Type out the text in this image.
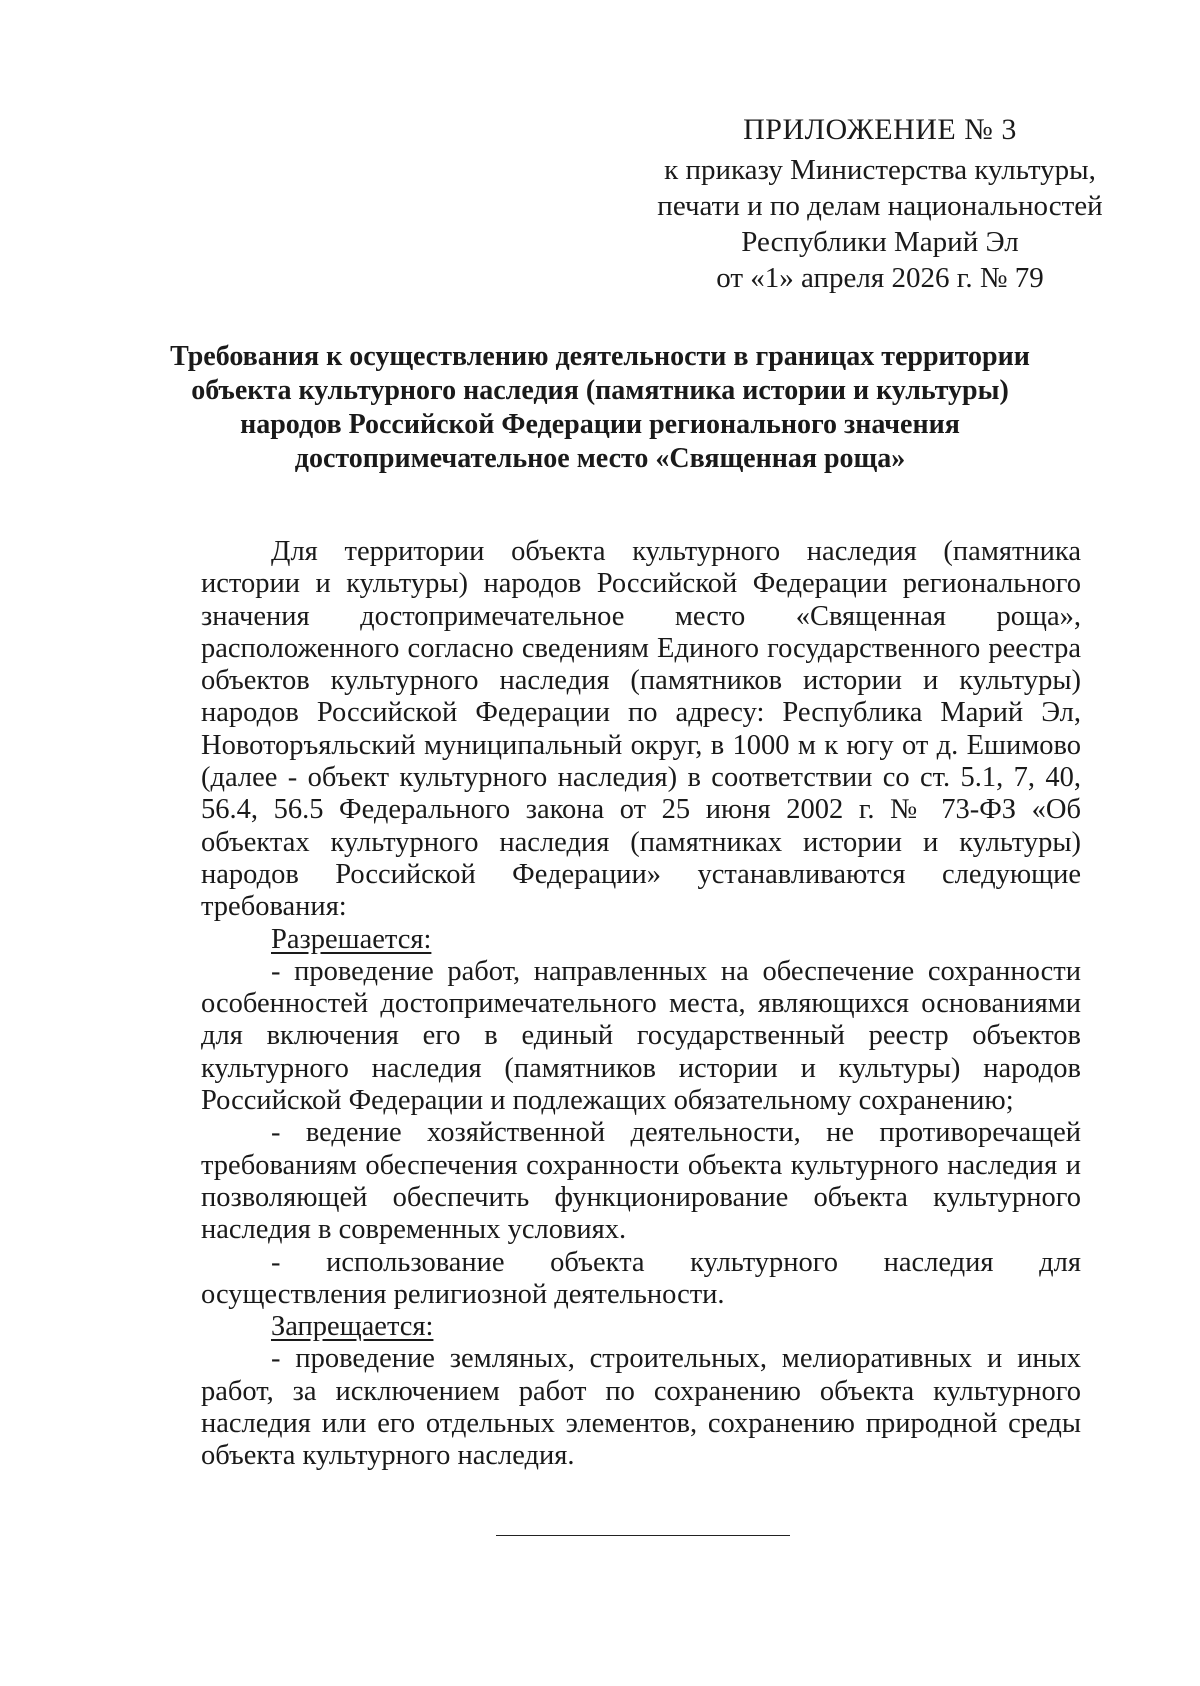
ПРИЛОЖЕНИЕ № 3
к приказу Министерства культуры,
печати и по делам национальностей
Республики Марий Эл
от «1» апреля 2026 г. № 79
Требования к осуществлению деятельности в границах территории
объекта культурного наследия (памятника истории и культуры)
народов Российской Федерации регионального значения
достопримечательное место «Священная роща»

Для территории объекта культурного наследия (памятника истории и культуры) народов Российской Федерации регионального значения достопримечательное место «Священная роща», расположенного согласно сведениям Единого государственного реестра объектов культурного наследия (памятников истории и культуры) народов Российской Федерации по адресу: Республика Марий Эл, Новоторъяльский муниципальный округ, в 1000 м к югу от д. Ешимово (далее - объект культурного наследия) в соответствии со ст. 5.1, 7, 40, 56.4, 56.5 Федерального закона от 25 июня 2002 г. № 73-ФЗ «Об объектах культурного наследия (памятниках истории и культуры) народов Российской Федерации» устанавливаются следующие требования:

Разрешается:

- проведение работ, направленных на обеспечение сохранности особенностей достопримечательного места, являющихся основаниями для включения его в единый государственный реестр объектов культурного наследия (памятников истории и культуры) народов Российской Федерации и подлежащих обязательному сохранению;

- ведение хозяйственной деятельности, не противоречащей требованиям обеспечения сохранности объекта культурного наследия и позволяющей обеспечить функционирование объекта культурного наследия в современных условиях.

- использование объекта культурного наследия для осуществления религиозной деятельности.

Запрещается:

- проведение земляных, строительных, мелиоративных и иных работ, за исключением работ по сохранению объекта культурного наследия или его отдельных элементов, сохранению природной среды объекта культурного наследия.
